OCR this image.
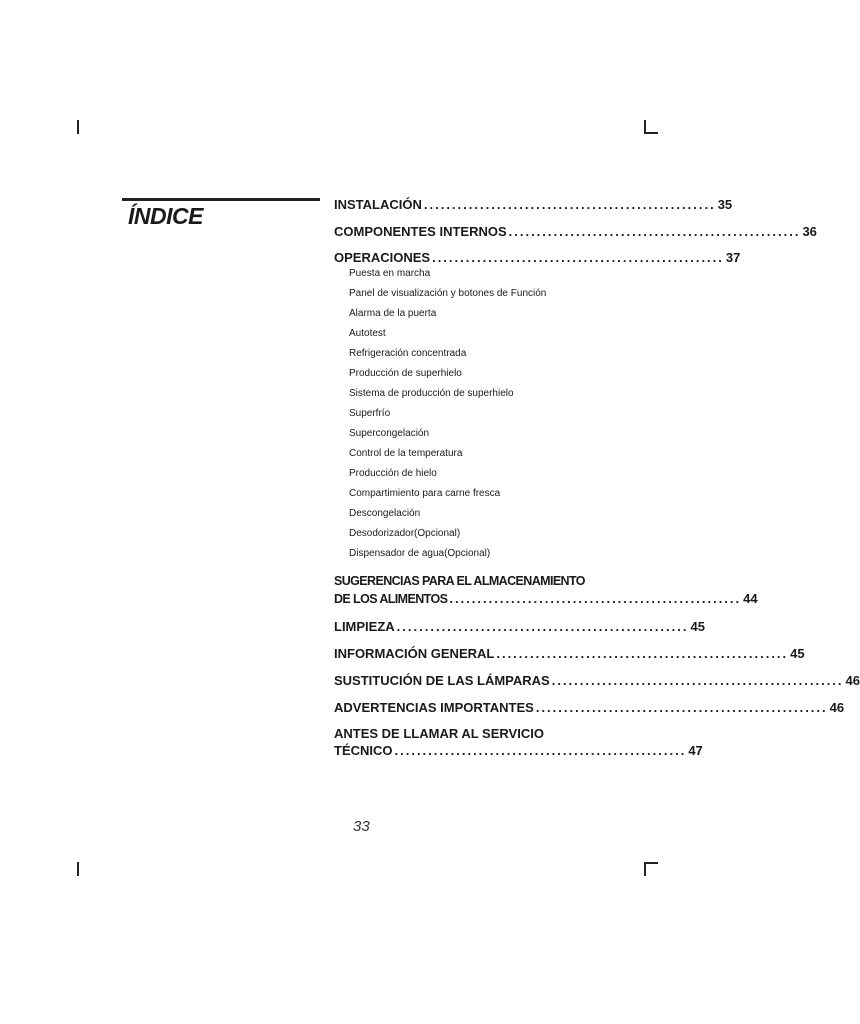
ÍNDICE	INSTALACIÓN .................................................... 35
COMPONENTES INTERNOS .................................................... 36
OPERACIONES .................................................... 37
Puesta en marcha
Panel de visualización y botones de Función
Alarma de la puerta
Autotest
Refrigeración concentrada
Producción de superhielo
Sistema de producción de superhielo
Superfrío
Supercongelación
Control de la temperatura
Producción de hielo
Compartimiento para carne fresca
Descongelación
Desodorizador(Opcional)
Dispensador de agua(Opcional)
SUGERENCIAS PARA EL ALMACENAMIENTO
DE LOS ALIMENTOS .................................................... 44
LIMPIEZA .................................................... 45
INFORMACIÓN GENERAL .................................................... 45
SUSTITUCIÓN DE LAS LÁMPARAS .................................................... 46
ADVERTENCIAS IMPORTANTES .................................................... 46
ANTES DE LLAMAR AL SERVICIO
TÉCNICO .................................................... 47
33
